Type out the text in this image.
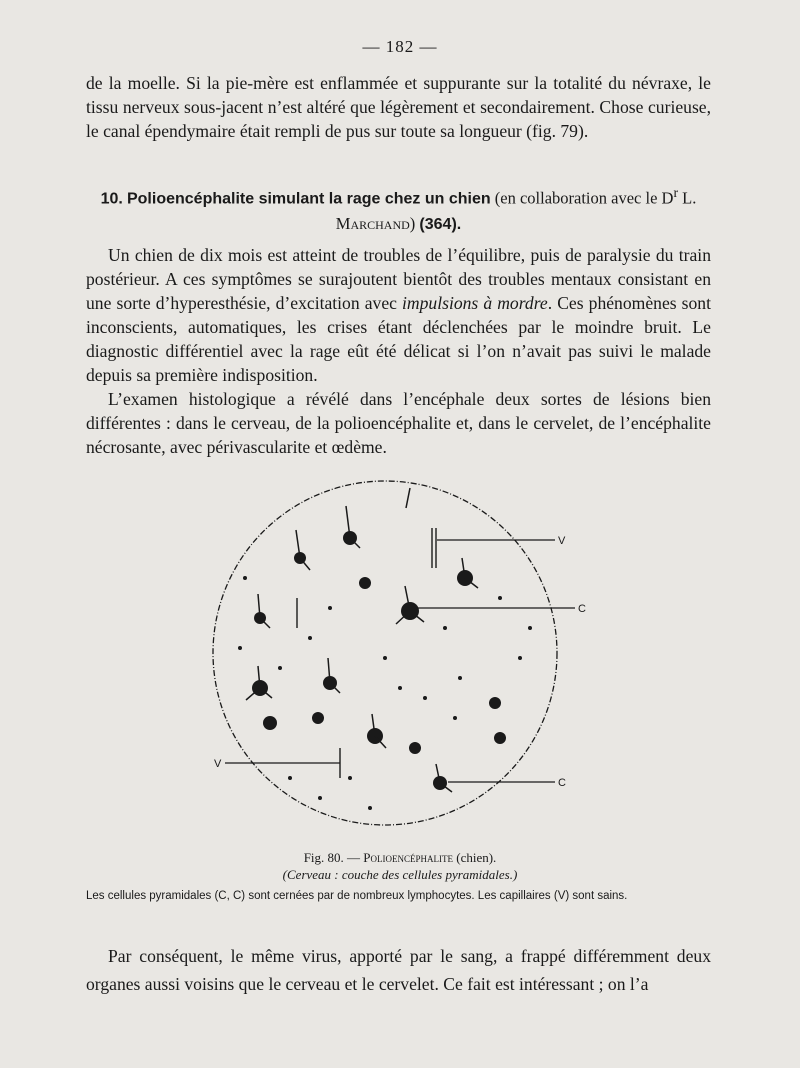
— 182 —

de la moelle. Si la pie-mère est enflammée et suppurante sur la totalité du névraxe, le tissu nerveux sous-jacent n’est altéré que légèrement et secondairement. Chose curieuse, le canal épendymaire était rempli de pus sur toute sa longueur (fig. 79).

10. Polioencéphalite simulant la rage chez un chien (en collaboration avec le $D^r$ L. Marchand) (364).

Un chien de dix mois est atteint de troubles de l’équilibre, puis de paralysie du train postérieur. A ces symptômes se surajoutent bientôt des troubles mentaux consistant en une sorte d’hyperesthésie, d’excitation avec impulsions à mordre. Ces phénomènes sont inconscients, automatiques, les crises étant déclenchées par le moindre bruit. Le diagnostic différentiel avec la rage eût été délicat si l’on n’avait pas suivi le malade depuis sa première indisposition.

L’examen histologique a révélé dans l’encéphale deux sortes de lésions bien différentes : dans le cerveau, de la polioencéphalite et, dans le cervelet, de l’encéphalite nécrosante, avec périvascularite et œdème.

V
C
V
C
Fig. 80. — Polioencéphalite (chien).
(Cerveau : couche des cellules pyramidales.)
Les cellules pyramidales (C, C) sont cernées par de nombreux lymphocytes. Les capillaires (V) sont sains.

Par conséquent, le même virus, apporté par le sang, a frappé différemment deux organes aussi voisins que le cerveau et le cervelet. Ce fait est intéressant ; on l’a
